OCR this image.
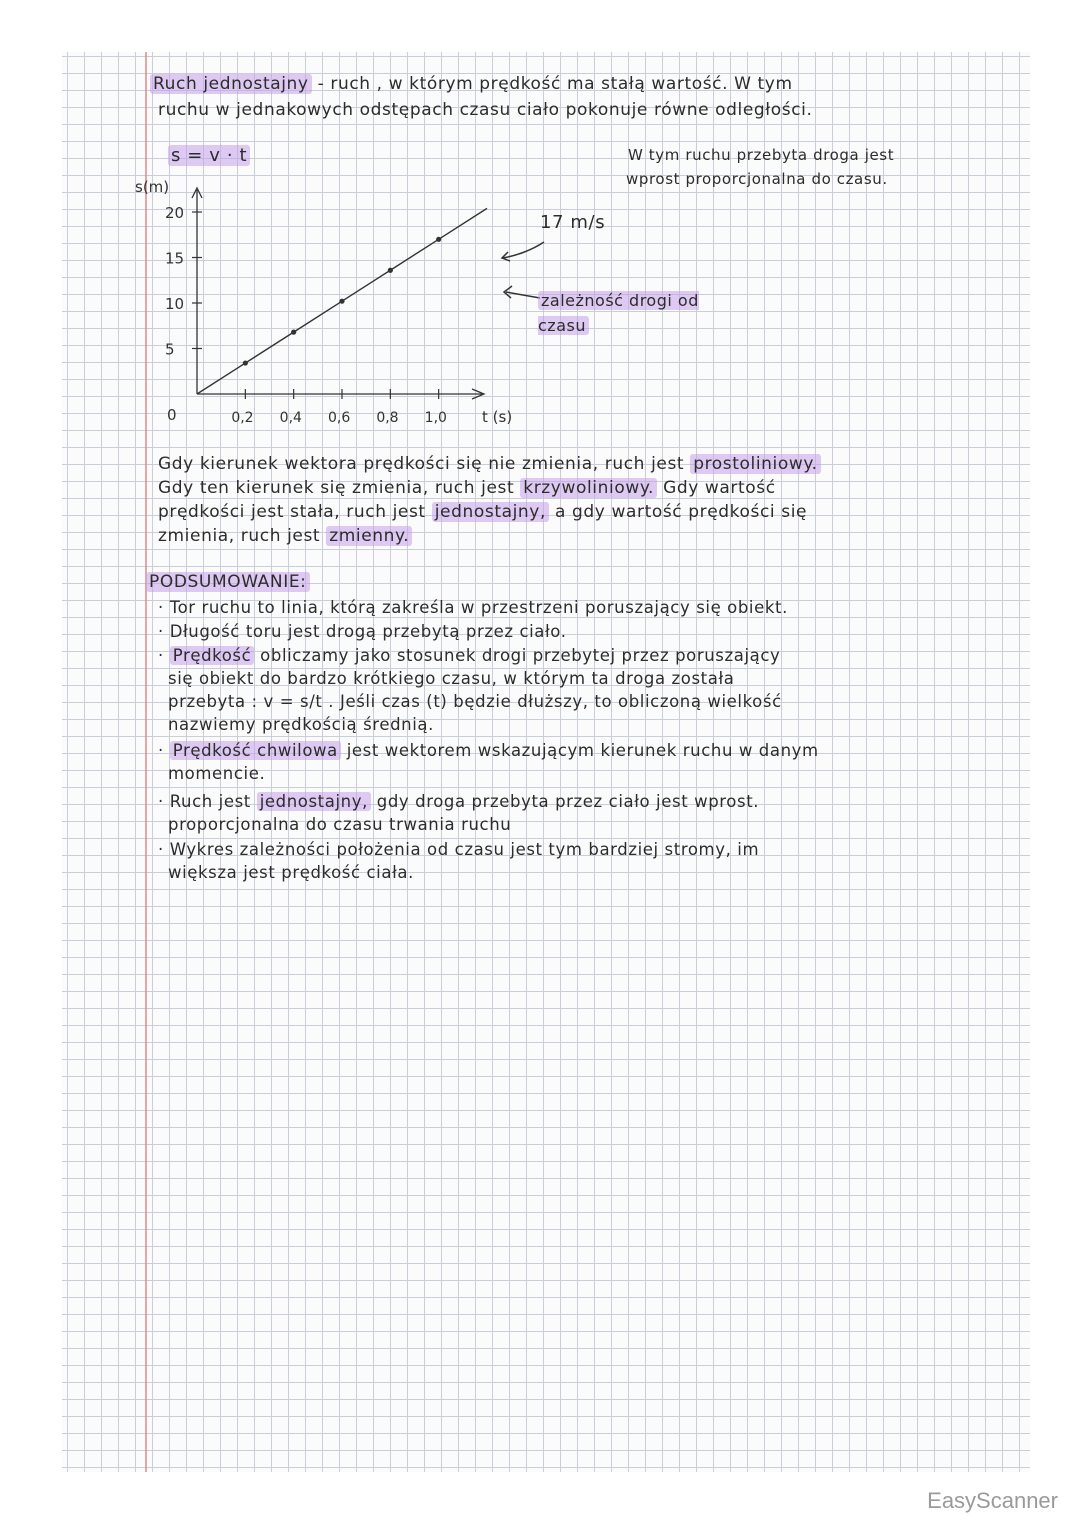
Ruch jednostajny - ruch , w którym prędkość ma stałą wartość. W tym
ruchu w jednakowych odstępach czasu ciało pokonuje równe odległości.
s = v · t	W tym ruchu przebyta droga jest
wprost proporcjonalna do czasu.
5
10
15
20
0,2 0,4 0,6 0,8 1,0
0
s(m)
t (s)
17 m/s
zależność drogi od czasu
Gdy kierunek wektora prędkości się nie zmienia, ruch jest prostoliniowy.
Gdy ten kierunek się zmienia, ruch jest krzywoliniowy. Gdy wartość
prędkości jest stała, ruch jest jednostajny, a gdy wartość prędkości się
zmienia, ruch jest zmienny.
PODSUMOWANIE:
· Tor ruchu to linia, którą zakreśla w przestrzeni poruszający się obiekt.
· Długość toru jest drogą przebytą przez ciało.
· Prędkość obliczamy jako stosunek drogi przebytej przez poruszający
się obiekt do bardzo krótkiego czasu, w którym ta droga została
przebyta : v = s/t . Jeśli czas (t) będzie dłuższy, to obliczoną wielkość
nazwiemy prędkością średnią.
· Prędkość chwilowa jest wektorem wskazującym kierunek ruchu w danym
momencie.
· Ruch jest jednostajny, gdy droga przebyta przez ciało jest wprost.
proporcjonalna do czasu trwania ruchu
· Wykres zależności położenia od czasu jest tym bardziej stromy, im
większa jest prędkość ciała.
EasyScanner
